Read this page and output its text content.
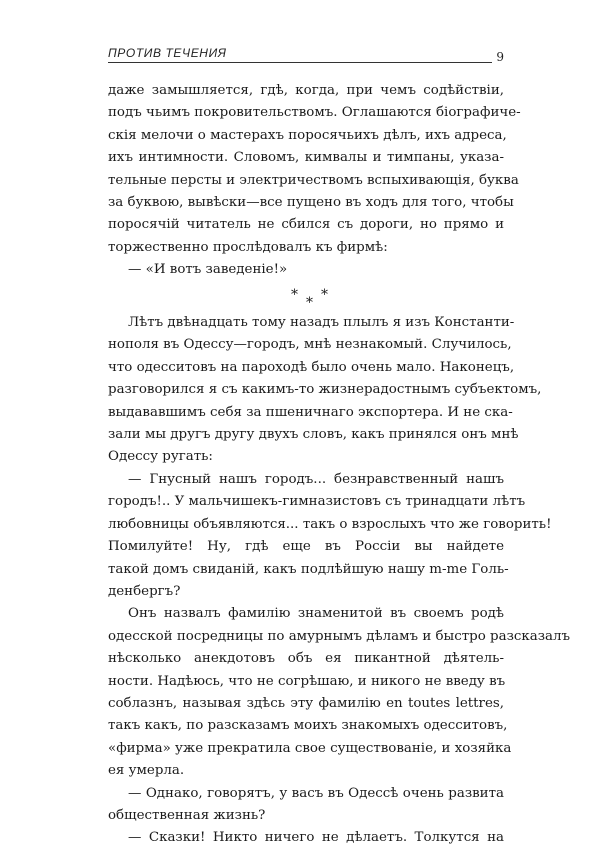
ПРОТИВ ТЕЧЕНИЯ	9
даже замышляется, гдѣ, когда, при чемъ содѣйствіи,
подъ чьимъ покровительствомъ. Оглашаются біографиче-
скія мелочи о мастерахъ поросячьихъ дѣлъ, ихъ адреса,
ихъ интимности. Словомъ, кимвалы и тимпаны, указа-
тельные персты и электричествомъ вспыхивающія, буква
за буквою, вывѣски—все пущено въ ходъ для того, чтобы
поросячій читатель не сбился съ дороги, но прямо и
торжественно прослѣдовалъ къ фирмѣ:
— «И вотъ заведеніе!»
* * *
Лѣтъ двѣнадцать тому назадъ плылъ я изъ Константи-
нополя въ Одессу—городъ, мнѣ незнакомый. Случилось,
что одесситовъ на пароходѣ было очень мало. Наконецъ,
разговорился я съ какимъ-то жизнерадостнымъ субъектомъ,
выдававшимъ себя за пшеничнаго экспортера. И не ска-
зали мы другъ другу двухъ словъ, какъ принялся онъ мнѣ
Одессу ругать:
— Гнусный нашъ городъ... безнравственный нашъ
городъ!.. У мальчишекъ-гимназистовъ съ тринадцати лѣтъ
любовницы объявляются... такъ о взрослыхъ что же говорить!
Помилуйте! Ну, гдѣ еще въ Россіи вы найдете
такой домъ свиданій, какъ подлѣйшую нашу m-me Голь-
денбергъ?
Онъ назвалъ фамилію знаменитой въ своемъ родѣ
одесской посредницы по амурнымъ дѣламъ и быстро разсказалъ
нѣсколько анекдотовъ объ ея пикантной дѣятель-
ности. Надѣюсь, что не согрѣшаю, и никого не введу въ
соблазнъ, называя здѣсь эту фамилію en toutes lettres,
такъ какъ, по разсказамъ моихъ знакомыхъ одесситовъ,
«фирма» уже прекратила свое существованіе, и хозяйка
ея умерла.
— Однако, говорятъ, у васъ въ Одессѣ очень развита
общественная жизнь?
— Сказки! Никто ничего не дѣлаетъ. Толкутся на
